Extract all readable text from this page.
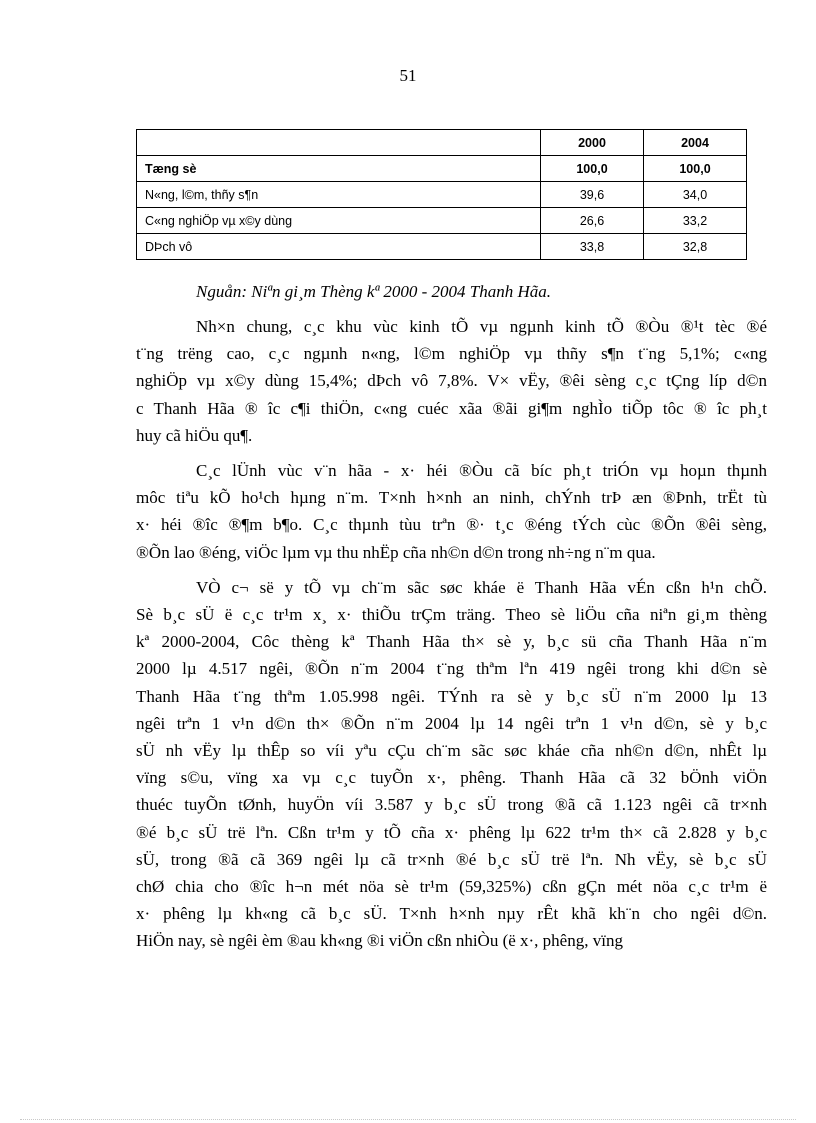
51
	2000	2004
Tæng sè	100,0	100,0
N«ng, l©m, thñy s¶n	39,6	34,0
C«ng nghiÖp vµ x©y dùng	26,6	33,2
DÞch vô	33,8	32,8
Nguån: Niªn gi¸m Thèng kª 2000 - 2004 Thanh Hãa.

Nh×n chung, c¸c khu vùc kinh tÕ vµ ngµnh kinh tÕ ®Òu ®¹t tèc ®é
t¨ng trëng cao, c¸c ngµnh n«ng, l©m nghiÖp vµ thñy s¶n t¨ng 5,1%; c«ng
nghiÖp vµ x©y dùng 15,4%; dÞch vô 7,8%. V× vËy, ®êi sèng c¸c tÇng líp d©n
c Thanh Hãa ® îc c¶i thiÖn, c«ng cuéc xãa ®ãi gi¶m nghÌo tiÕp tôc ® îc ph¸t
huy cã hiÖu qu¶.

C¸c lÜnh vùc v¨n hãa - x· héi ®Òu cã bíc ph¸t triÓn vµ hoµn thµnh
môc tiªu kÕ ho¹ch hµng n¨m. T×nh h×nh an ninh, chÝnh trÞ æn ®Þnh, trËt tù
x· héi ®îc ®¶m b¶o. C¸c thµnh tùu trªn ®· t¸c ®éng tÝch cùc ®Õn ®êi sèng,
®Õn lao ®éng, viÖc lµm vµ thu nhËp cña nh©n d©n trong nh÷ng n¨m qua.

VÒ c¬ së y tÕ vµ ch¨m sãc søc kháe ë Thanh Hãa vÉn cßn h¹n chÕ.
Sè b¸c sÜ ë c¸c tr¹m x¸ x· thiÕu trÇm träng. Theo sè liÖu cña niªn gi¸m thèng
kª 2000-2004, Côc thèng kª Thanh Hãa th× sè y, b¸c sü cña Thanh Hãa n¨m
2000 lµ 4.517 ngêi, ®Õn n¨m 2004 t¨ng thªm lªn 419 ngêi trong khi d©n sè
Thanh Hãa t¨ng thªm 1.05.998 ngêi. TÝnh ra sè y b¸c sÜ n¨m 2000 lµ 13
ngêi trªn 1 v¹n d©n th× ®Õn n¨m 2004 lµ 14 ngêi trªn 1 v¹n d©n, sè y b¸c
sÜ nh vËy lµ thÊp so víi yªu cÇu ch¨m sãc søc kháe cña nh©n d©n, nhÊt lµ
vïng s©u, vïng xa vµ c¸c tuyÕn x·, phêng. Thanh Hãa cã 32 bÖnh viÖn
thuéc tuyÕn tØnh, huyÖn víi 3.587 y b¸c sÜ trong ®ã cã 1.123 ngêi cã tr×nh
®é b¸c sÜ trë lªn. Cßn tr¹m y tÕ cña x· phêng lµ 622 tr¹m th× cã 2.828 y b¸c
sÜ, trong ®ã cã 369 ngêi lµ cã tr×nh ®é b¸c sÜ trë lªn. Nh vËy, sè b¸c sÜ
chØ chia cho ®îc h¬n mét nöa sè tr¹m (59,325%) cßn gÇn mét nöa c¸c tr¹m ë
x· phêng lµ kh«ng cã b¸c sÜ. T×nh h×nh nµy rÊt khã kh¨n cho ngêi d©n.
HiÖn nay, sè ngêi èm ®au kh«ng ®i viÖn cßn nhiÒu (ë x·, phêng, vïng
